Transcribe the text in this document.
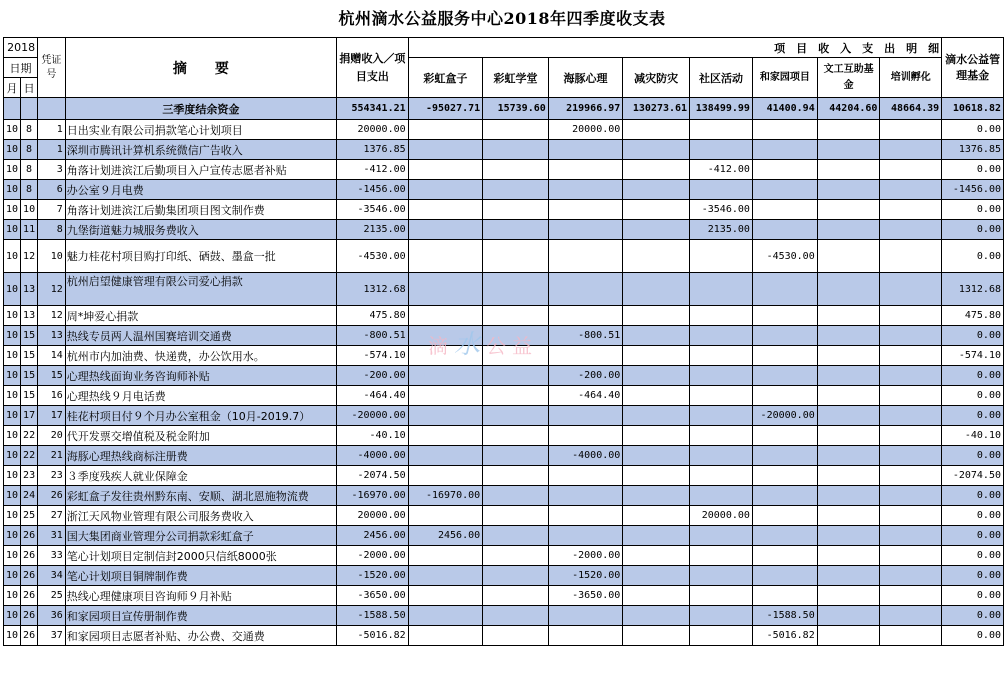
杭州滴水公益服务中心2018年四季度收支表
2018		凭证号	摘　　要	捐赠收入／项目支出	项　目　收　入　支　出　明　细								滴水公益管理基金
日期					彩虹盒子	彩虹学堂	海豚心理	减灾防灾	社区活动	和家园项目	文工互助基金	培训孵化	
月	日												
			三季度结余资金	554341.21	-95027.71	15739.60	219966.97	130273.61	138499.99	41400.94	44204.60	48664.39	10618.82
10	8	1	日出实业有限公司捐款笔心计划项目	20000.00			20000.00						0.00
10	8	1	深圳市腾讯计算机系统微信广告收入	1376.85									1376.85
10	8	3	角落计划进滨江后勤项目入户宣传志愿者补贴	-412.00					-412.00				0.00
10	8	6	办公室９月电费	-1456.00									-1456.00
10	10	7	角落计划进滨江后勤集团项目图文制作费	-3546.00					-3546.00				0.00
10	11	8	九堡街道魅力城服务费收入	2135.00					2135.00				0.00
10	12	10	魅力桂花村项目购打印纸、硒鼓、墨盒一批	-4530.00						-4530.00			0.00
10	13	12	杭州启望健康管理有限公司爱心捐款	1312.68									1312.68
10	13	12	周*坤爱心捐款	475.80									475.80
10	15	13	热线专员两人温州国赛培训交通费	-800.51			-800.51						0.00
10	15	14	杭州市内加油费、快递费，办公饮用水。	-574.10									-574.10
10	15	15	心理热线面询业务咨询师补贴	-200.00			-200.00						0.00
10	15	16	心理热线９月电话费	-464.40			-464.40						0.00
10	17	17	桂花村项目付９个月办公室租金（10月-2019.7）	-20000.00						-20000.00			0.00
10	22	20	代开发票交增值税及税金附加	-40.10									-40.10
10	22	21	海豚心理热线商标注册费	-4000.00			-4000.00						0.00
10	23	23	３季度残疾人就业保障金	-2074.50									-2074.50
10	24	26	彩虹盒子发往贵州黔东南、安顺、湖北恩施物流费	-16970.00	-16970.00								0.00
10	25	27	浙江天风物业管理有限公司服务费收入	20000.00					20000.00				0.00
10	26	31	国大集团商业管理分公司捐款彩虹盒子	2456.00	2456.00								0.00
10	26	33	笔心计划项目定制信封2000只信纸8000张	-2000.00			-2000.00						0.00
10	26	34	笔心计划项目铜牌制作费	-1520.00			-1520.00						0.00
10	26	25	热线心理健康项目咨询师９月补贴	-3650.00			-3650.00						0.00
10	26	36	和家园项目宣传册制作费	-1588.50						-1588.50			0.00
10	26	37	和家园项目志愿者补贴、办公费、交通费	-5016.82						-5016.82			0.00
滴水公益
